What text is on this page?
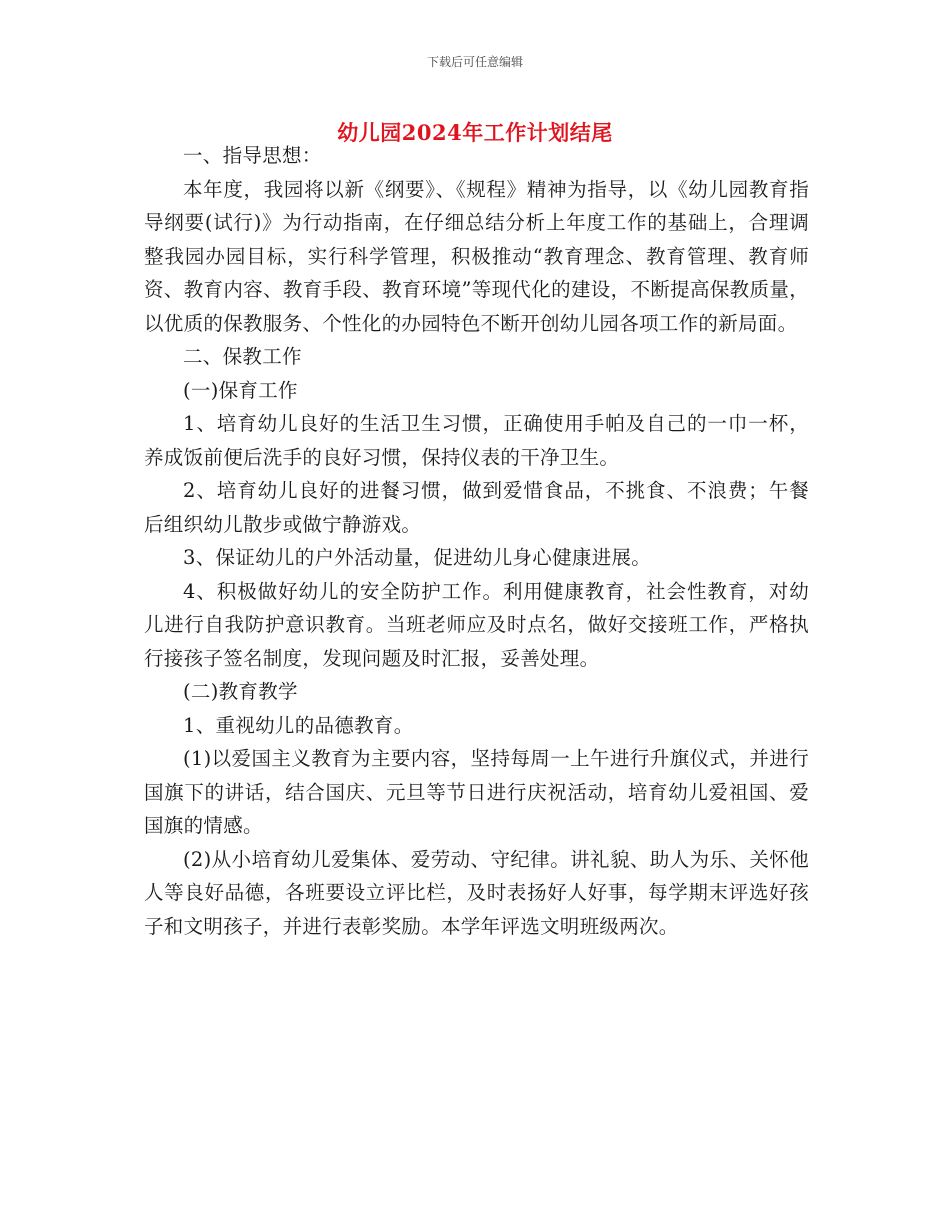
下载后可任意编辑
幼儿园2024年工作计划结尾

一、指导思想：

本年度，我园将以新《纲要》、《规程》精神为指导，以《幼儿园教育指导纲要(试行)》为行动指南，在仔细总结分析上年度工作的基础上，合理调整我园办园目标，实行科学管理，积极推动“教育理念、教育管理、教育师资、教育内容、教育手段、教育环境”等现代化的建设，不断提高保教质量，以优质的保教服务、个性化的办园特色不断开创幼儿园各项工作的新局面。

二、保教工作

(一)保育工作

1、培育幼儿良好的生活卫生习惯，正确使用手帕及自己的一巾一杯，养成饭前便后洗手的良好习惯，保持仪表的干净卫生。

2、培育幼儿良好的进餐习惯，做到爱惜食品，不挑食、不浪费；午餐后组织幼儿散步或做宁静游戏。

3、保证幼儿的户外活动量，促进幼儿身心健康进展。

4、积极做好幼儿的安全防护工作。利用健康教育，社会性教育，对幼儿进行自我防护意识教育。当班老师应及时点名，做好交接班工作，严格执行接孩子签名制度，发现问题及时汇报，妥善处理。

(二)教育教学

1、重视幼儿的品德教育。

(1)以爱国主义教育为主要内容，坚持每周一上午进行升旗仪式，并进行国旗下的讲话，结合国庆、元旦等节日进行庆祝活动，培育幼儿爱祖国、爱国旗的情感。

(2)从小培育幼儿爱集体、爱劳动、守纪律。讲礼貌、助人为乐、关怀他人等良好品德，各班要设立评比栏，及时表扬好人好事，每学期末评选好孩子和文明孩子，并进行表彰奖励。本学年评选文明班级两次。
